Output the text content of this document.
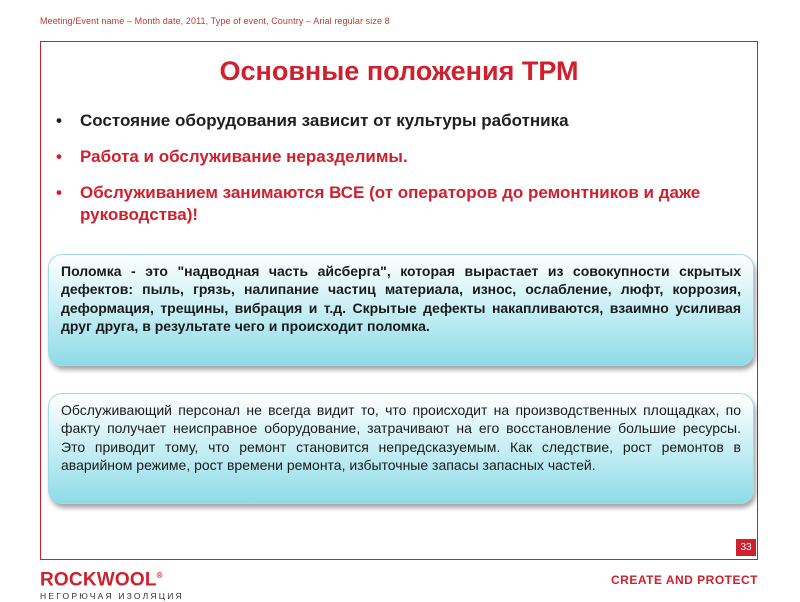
Meeting/Event name – Month date, 2011, Type of event, Country – Arial regular size 8
Основные положения ТРМ
• Состояние оборудования зависит от культуры работника
• Работа и обслуживание неразделимы.
• Обслуживанием занимаются ВСЕ (от операторов до ремонтников и даже руководства)!
Поломка - это "надводная часть айсберга", которая вырастает из совокупности скрытых дефектов: пыль, грязь, налипание частиц материала, износ, ослабление, люфт, коррозия, деформация, трещины, вибрация и т.д. Скрытые дефекты накапливаются, взаимно усиливая друг друга, в результате чего и происходит поломка.
Обслуживающий персонал не всегда видит то, что происходит на производственных площадках, по факту получает неисправное оборудование, затрачивают на его восстановление большие ресурсы. Это приводит тому, что ремонт становится непредсказуемым. Как следствие, рост ремонтов в аварийном режиме, рост времени ремонта, избыточные запасы запасных частей.
33
ROCKWOOL®
НЕГОРЮЧАЯ ИЗОЛЯЦИЯ
CREATE AND PROTECT
